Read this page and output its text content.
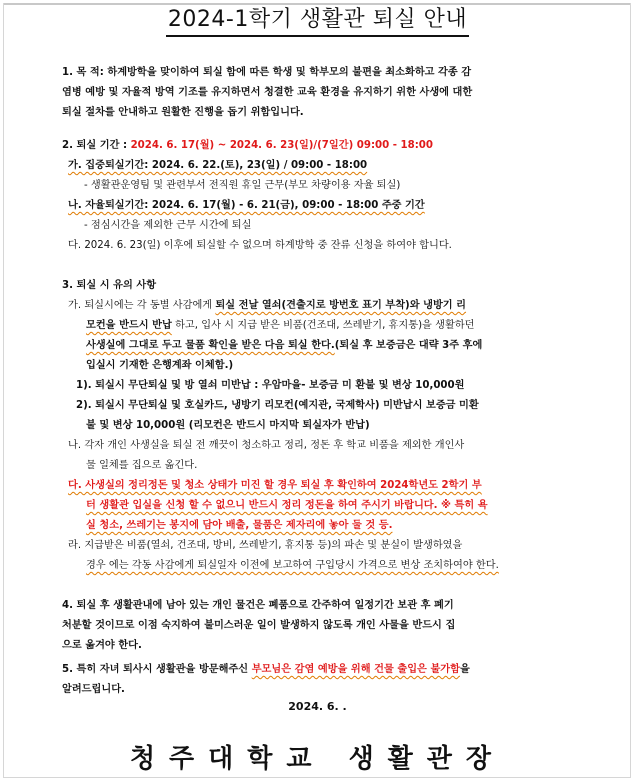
2024-1학기 생활관 퇴실 안내

1. 목 적: 하계방학을 맞이하여 퇴실 함에 따른 학생 및 학부모의 불편을 최소화하고 각종 감

염병 예방 및 자율적 방역 기조를 유지하면서 청결한 교육 환경을 유지하기 위한 사생에 대한

퇴실 절차를 안내하고 원활한 진행을 돕기 위함입니다.

2. 퇴실 기간 : 2024. 6. 17(월) ~ 2024. 6. 23(일)/(7일간) 09:00 - 18:00

가. 집중퇴실기간: 2024. 6. 22.(토), 23(일) / 09:00 - 18:00

- 생활관운영팀 및 관련부서 전직원 휴일 근무(부모 차량이용 자율 퇴실)

나. 자율퇴실기간: 2024. 6. 17(월) - 6. 21(금), 09:00 - 18:00 주중 기간

- 점심시간을 제외한 근무 시간에 퇴실

다. 2024. 6. 23(일) 이후에 퇴실할 수 없으며 하계방학 중 잔류 신청을 하여야 합니다.

3. 퇴실 시 유의 사항

가. 퇴실시에는 각 동별 사감에게 퇴실 전날 열쇠(견출지로 방번호 표기 부착)와 냉방기 리

모컨을 반드시 반납 하고, 입사 시 지급 받은 비품(건조대, 쓰레받기, 휴지통)을 생활하던

사생실에 그대로 두고 물품 확인을 받은 다음 퇴실 한다.(퇴실 후 보증금은 대략 3주 후에

입실시 기재한 은행계좌 이체함.)

1). 퇴실시 무단퇴실 및 방 열쇠 미반납 : 우암마을- 보증금 미 환불 및 변상 10,000원

2). 퇴실시 무단퇴실 및 호실카드, 냉방기 리모컨(예지관, 국제학사) 미반납시 보증금 미환

불 및 변상 10,000원 (리모컨은 반드시 마지막 퇴실자가 반납)

나. 각자 개인 사생실을 퇴실 전 깨끗이 청소하고 정리, 정돈 후 학교 비품을 제외한 개인사

물 일체를 집으로 옮긴다.

다. 사생실의 정리정돈 및 청소 상태가 미진 할 경우 퇴실 후 확인하여 2024학년도 2학기 부

터 생활관 입실을 신청 할 수 없으니 반드시 정리 정돈을 하여 주시기 바랍니다. ※ 특히 욕

실 청소, 쓰레기는 봉지에 담아 배출, 물품은 제자리에 놓아 둘 것 등.

라. 지급받은 비품(열쇠, 건조대, 방비, 쓰레받기, 휴지통 등)의 파손 및 분실이 발생하였을

경우 에는 각동 사감에게 퇴실일자 이전에 보고하여 구입당시 가격으로 변상 조치하여야 한다.

4. 퇴실 후 생활관내에 남아 있는 개인 물건은 폐품으로 간주하여 일정기간 보관 후 폐기

처분할 것이므로 이점 숙지하여 불미스러운 일이 발생하지 않도록 개인 사물을 반드시 집

으로 옮겨야 한다.

5. 특히 자녀 퇴사시 생활관을 방문해주신 부모님은 감염 예방을 위해 건물 출입은 불가함을

알려드립니다.

2024. 6. .
청주대학교 생활관장
